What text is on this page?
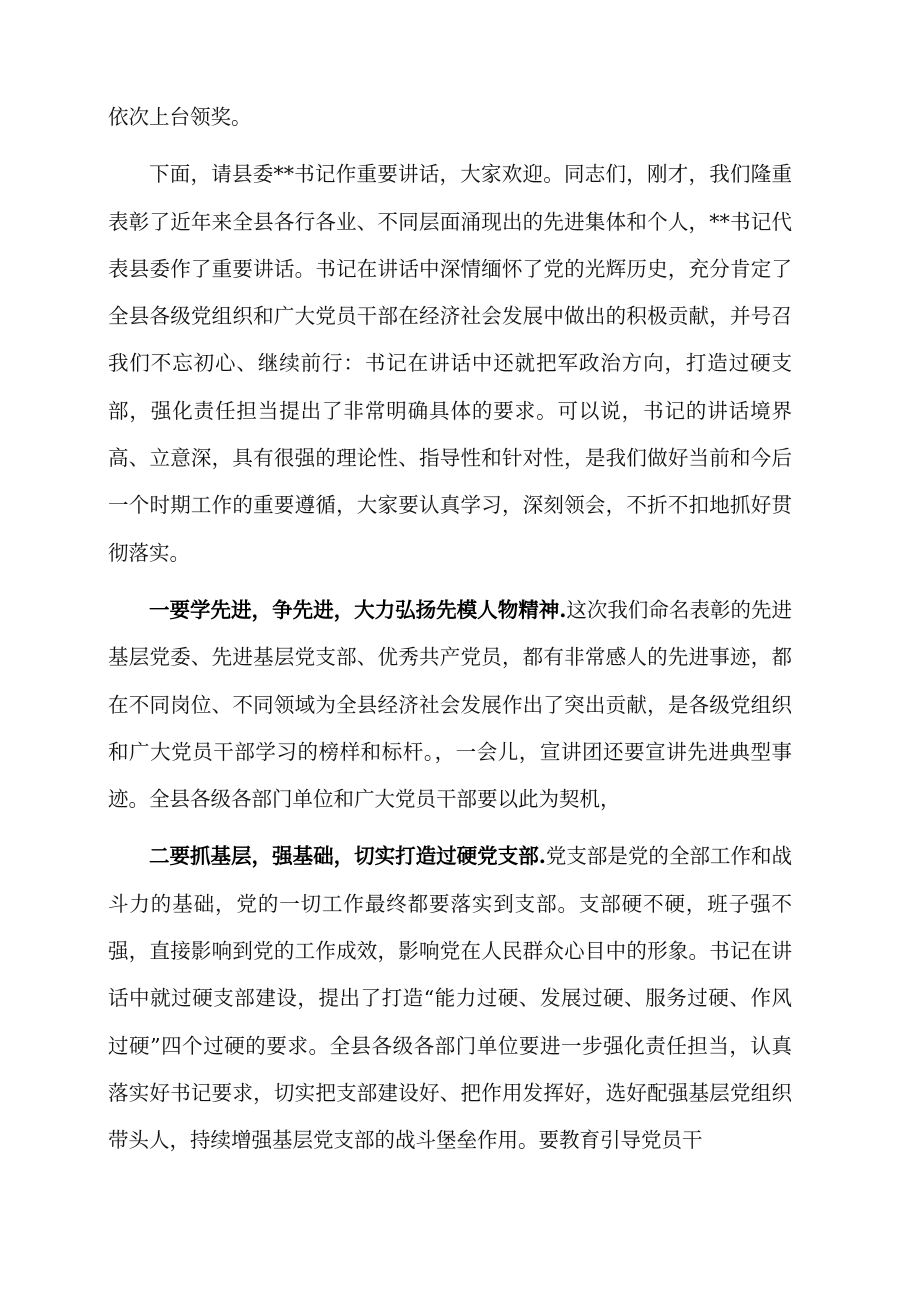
依次上台领奖。

下面，请县委**书记作重要讲话，大家欢迎。同志们，刚才，我们隆重表彰了近年来全县各行各业、不同层面涌现出的先进集体和个人，**书记代表县委作了重要讲话。书记在讲话中深情缅怀了党的光辉历史，充分肯定了全县各级党组织和广大党员干部在经济社会发展中做出的积极贡献，并号召我们不忘初心、继续前行：书记在讲话中还就把军政治方向，打造过硬支部，强化责任担当提出了非常明确具体的要求。可以说，书记的讲话境界高、立意深，具有很强的理论性、指导性和针对性，是我们做好当前和今后一个时期工作的重要遵循，大家要认真学习，深刻领会，不折不扣地抓好贯彻落实。

一要学先进，争先进，大力弘扬先模人物精神.这次我们命名表彰的先进基层党委、先进基层党支部、优秀共产党员，都有非常感人的先进事迹，都在不同岗位、不同领域为全县经济社会发展作出了突出贡献，是各级党组织和广大党员干部学习的榜样和标杆。，一会儿，宣讲团还要宣讲先进典型事迹。全县各级各部门单位和广大党员干部要以此为契机，

二要抓基层，强基础，切实打造过硬党支部.党支部是党的全部工作和战斗力的基础，党的一切工作最终都要落实到支部。支部硬不硬，班子强不强，直接影响到党的工作成效，影响党在人民群众心目中的形象。书记在讲话中就过硬支部建设，提出了打造“能力过硬、发展过硬、服务过硬、作风过硬”四个过硬的要求。全县各级各部门单位要进一步强化责任担当，认真落实好书记要求，切实把支部建设好、把作用发挥好，选好配强基层党组织带头人，持续增强基层党支部的战斗堡垒作用。要教育引导党员干
